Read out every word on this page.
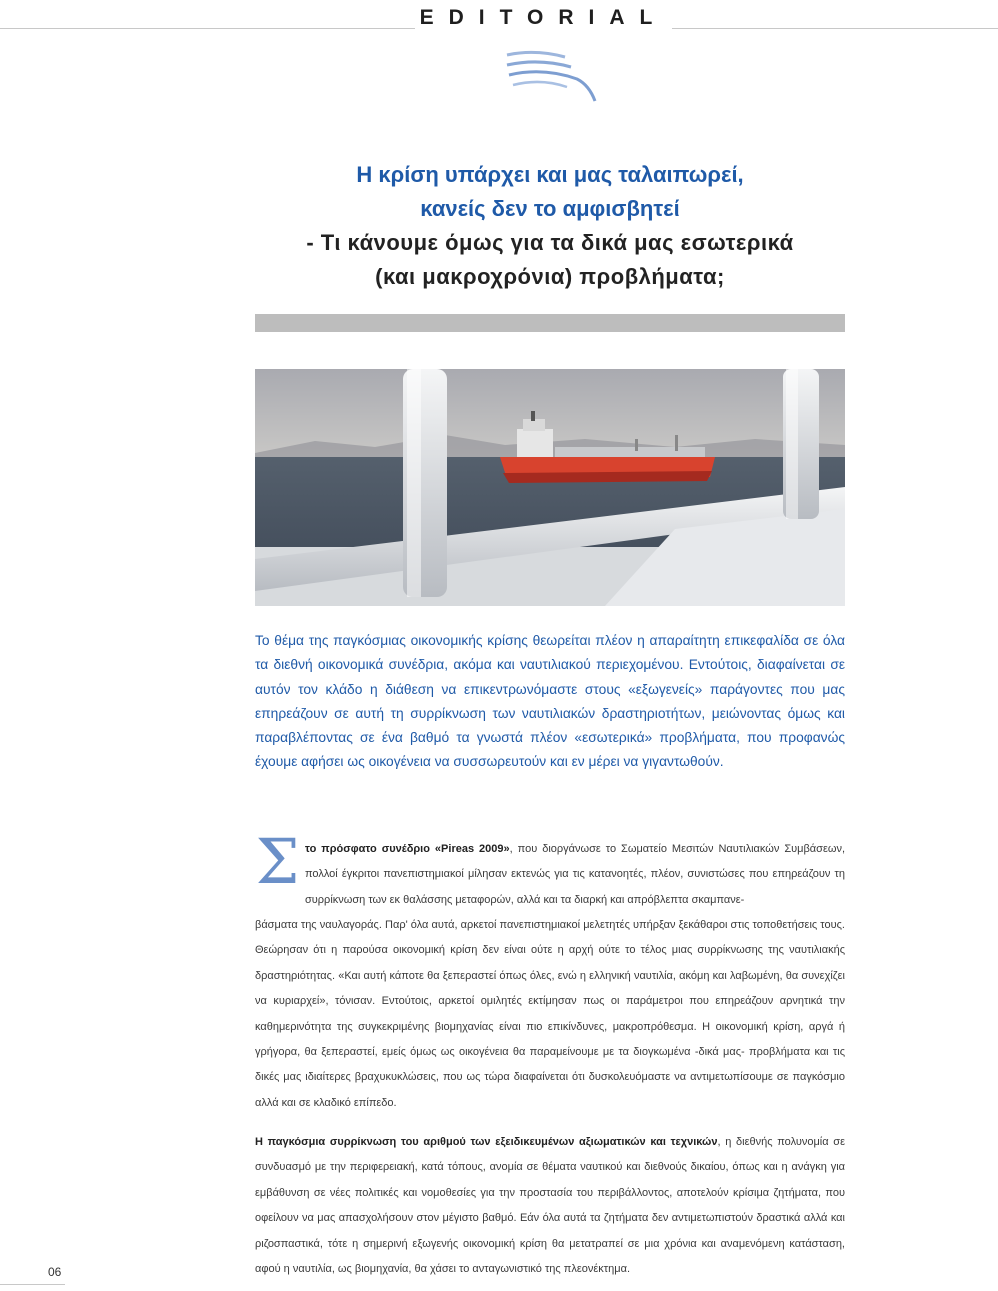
EDITORIAL
Η κρίση υπάρχει και μας ταλαιπωρεί,
κανείς δεν το αμφισβητεί
- Τι κάνουμε όμως για τα δικά μας εσωτερικά
(και μακροχρόνια) προβλήματα;

Το θέμα της παγκόσμιας οικονομικής κρίσης θεωρείται πλέον η απαραίτητη επικεφαλίδα σε όλα τα διεθνή οικονομικά συνέδρια, ακόμα και ναυτιλιακού περιεχομένου. Εντούτοις, διαφαίνεται σε αυτόν τον κλάδο η διάθεση να επικεντρωνόμαστε στους «εξωγενείς» παράγοντες που μας επηρεάζουν σε αυτή τη συρρίκνωση των ναυτιλιακών δραστηριοτήτων, μειώνοντας όμως και παραβλέποντας σε ένα βαθμό τα γνωστά πλέον «εσωτερικά» προβλήματα, που προφανώς έχουμε αφήσει ως οικογένεια να συσσωρευτούν και εν μέρει να γιγαντωθούν.

Σ το πρόσφατο συνέδριο «Pireas 2009», που διοργάνωσε το Σωματείο Μεσιτών Ναυτιλιακών Συμβάσεων, πολλοί έγκριτοι πανεπιστημιακοί μίλησαν εκτενώς για τις κατανοητές, πλέον, συνιστώσες που επηρεάζουν τη συρρίκνωση των εκ θαλάσσης μεταφορών, αλλά και τα διαρκή και απρόβλεπτα σκαμπανε-
βάσματα της ναυλαγοράς. Παρ' όλα αυτά, αρκετοί πανεπιστημιακοί μελετητές υπήρξαν ξεκάθαροι στις τοποθετήσεις τους. Θεώρησαν ότι η παρούσα οικονομική κρίση δεν είναι ούτε η αρχή ούτε το τέλος μιας συρρίκνωσης της ναυτιλιακής δραστηριότητας. «Και αυτή κάποτε θα ξεπεραστεί όπως όλες, ενώ η ελληνική ναυτιλία, ακόμη και λαβωμένη, θα συνεχίζει να κυριαρχεί», τόνισαν. Εντούτοις, αρκετοί ομιλητές εκτίμησαν πως οι παράμετροι που επηρεάζουν αρνητικά την καθημερινότητα της συγκεκριμένης βιομηχανίας είναι πιο επικίνδυνες, μακροπρόθεσμα. Η οικονομική κρίση, αργά ή γρήγορα, θα ξεπεραστεί, εμείς όμως ως οικογένεια θα παραμείνουμε με τα διογκωμένα -δικά μας- προβλήματα και τις δικές μας ιδιαίτερες βραχυκυκλώσεις, που ως τώρα διαφαίνεται ότι δυσκολευόμαστε να αντιμετωπίσουμε σε παγκόσμιο αλλά και σε κλαδικό επίπεδο.
Η παγκόσμια συρρίκνωση του αριθμού των εξειδικευμένων αξιωματικών και τεχνικών, η διεθνής πολυνομία σε συνδυασμό με την περιφερειακή, κατά τόπους, ανομία σε θέματα ναυτικού και διεθνούς δικαίου, όπως και η ανάγκη για εμβάθυνση σε νέες πολιτικές και νομοθεσίες για την προστασία του περιβάλλοντος, αποτελούν κρίσιμα ζητήματα, που οφείλουν να μας απασχολήσουν στον μέγιστο βαθμό. Εάν όλα αυτά τα ζητήματα δεν αντιμετωπιστούν δραστικά αλλά και ριζοσπαστικά, τότε η σημερινή εξωγενής οικονομική κρίση θα μετατραπεί σε μια χρόνια και αναμενόμενη κατάσταση, αφού η ναυτιλία, ως βιομηχανία, θα χάσει το ανταγωνιστικό της πλεονέκτημα.
06
